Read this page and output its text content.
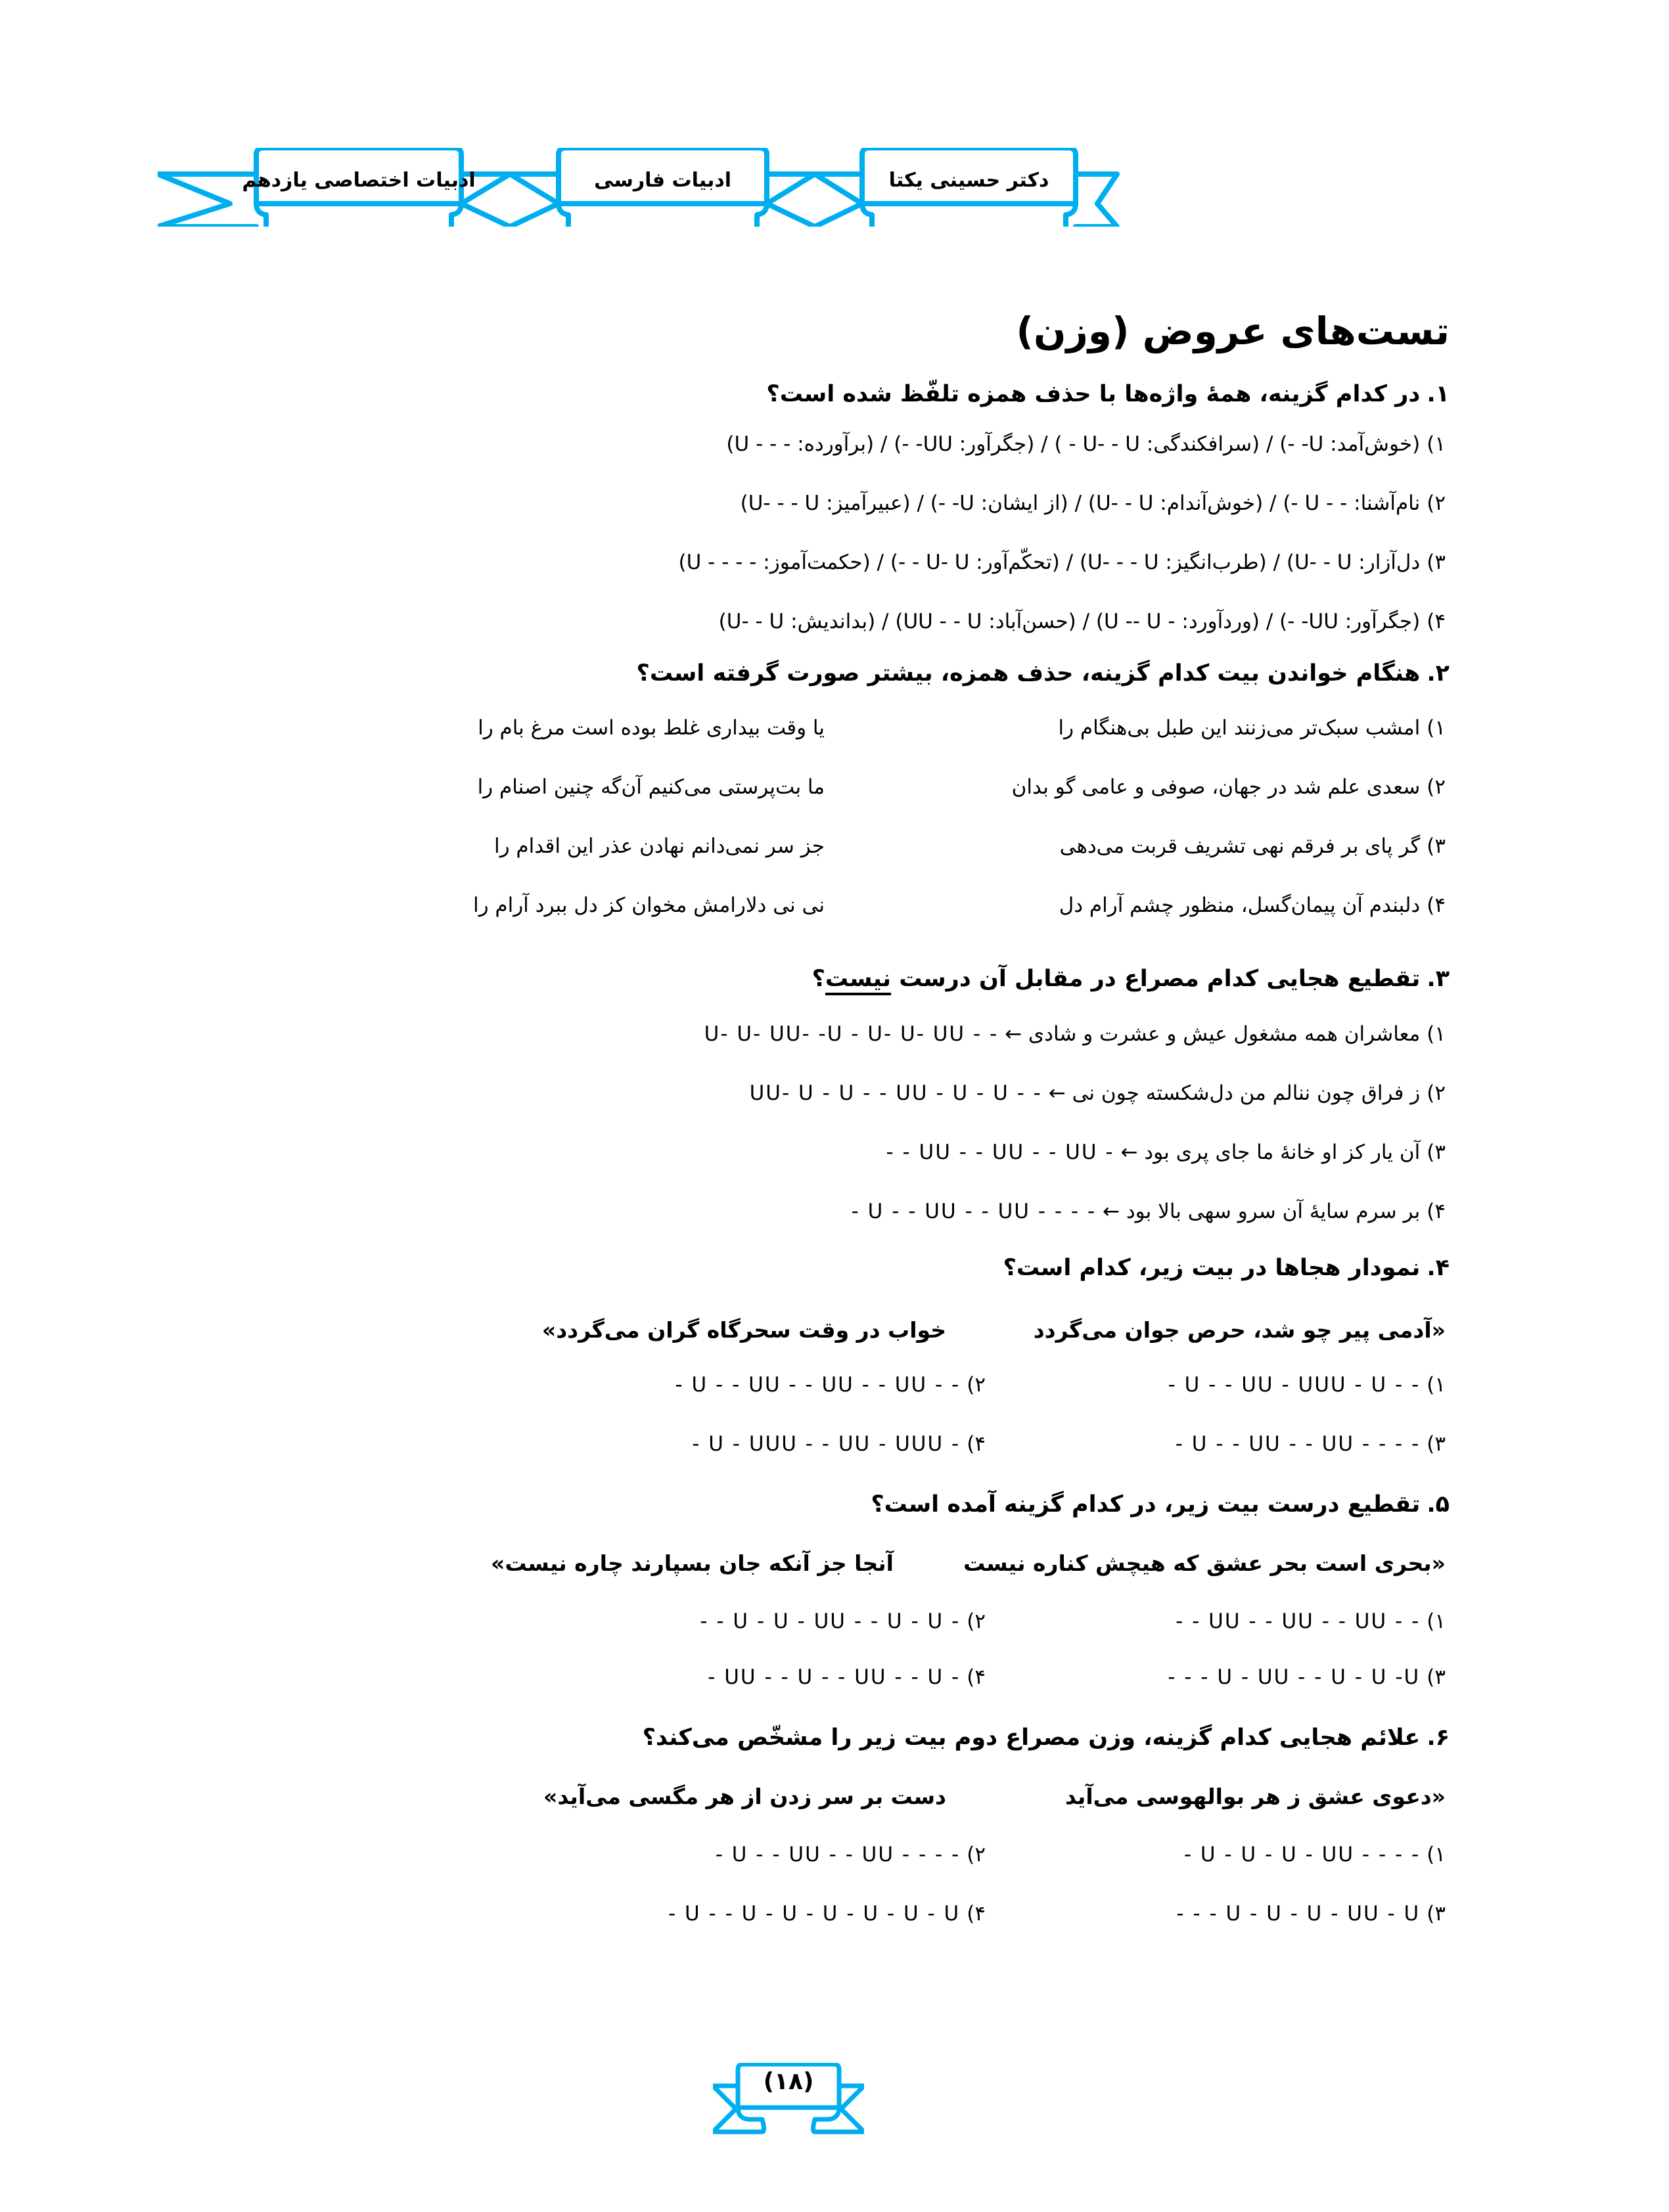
دکتر حسینی یکتا
ادبیات فارسی
ادبیات اختصاصی یازدهم
تست‌های عروض (وزن)
۱.در کدام گزینه، همهٔ واژه‌ها با حذف همزه تلفّظ شده است؟
۱)(خوش‌آمد: U- -) / (سرافکندگی: U- - U - ) / (جگرآور: UU- -) / (برآورده: - - - U)
۲)نام‌آشنا: - - U -) / (خوش‌آندام: U- - U) / (از ایشان: U- -) / (عبیرآمیز: U- - - U)
۳)دل‌آزار: U- - U) / (طرب‌انگیز: U- - - U) / (تحکّم‌آور: U- U - -) / (حکمت‌آموز: - - - - U)
۴)(جگرآور: UU- -) / (وردآورد: - U -- U) / (حسن‌آباد: UU - - U) / (بداندیش: U- - U)
۲.هنگام خواندن بیت کدام گزینه، حذف همزه، بیشتر صورت گرفته است؟
۱)امشب سبک‌تر می‌زنند این طبل بی‌هنگام را
یا وقت بیداری غلط بوده است مرغ بام را
۲)سعدی علم شد در جهان، صوفی و عامی گو بدان
ما بت‌پرستی می‌کنیم آن‌گه چنین اصنام را
۳)گر پای بر فرقم نهی تشریف قربت می‌دهی
جز سر نمی‌دانم نهادن عذر این اقدام را
۴)دلبندم آن پیمان‌گسل، منظور چشم آرام دل
نی نی دلارامش مخوان کز دل ببرد آرام را
۳.تقطیع هجایی کدام مصراع در مقابل آن درست نیست؟
۱)معاشران همه مشغول عیش و عشرت و شادی ← U- U- UU- -U - U- U- UU - -
۲)ز فراق چون ننالم من دل‌شکسته چون نی ← UU- U - U - - UU - U - U - -
۳)آن یار کز او خانهٔ ما جای پری بود ← - - UU - - UU - - UU -
۴)بر سرم سایهٔ آن سرو سهی بالا بود ← - U - - UU - - UU - - - -
۴.نمودار هجاها در بیت زیر، کدام است؟
«آدمی پیر چو شد، حرص جوان می‌گردد
خواب در وقت سحرگاه گران می‌گردد»
۱)- U - - UU - UUU - U - -
۲)- U - - UU - - UU - - UU - -
۳)- U - - UU - - UU - - - -
۴)- U - UUU - - UU - UUU -
۵.تقطیع درست بیت زیر، در کدام گزینه آمده است؟
«بحری است بحر عشق که هیچش کناره نیست
آنجا جز آنکه جان بسپارند چاره نیست»
۱)- - UU - - UU - - UU - -
۲)- - U - U - UU - - U - U -
۳)- - - U - UU - - U - U -U
۴)- UU - - U - - UU - - U -
۶.علائم هجایی کدام گزینه، وزن مصراع دوم بیت زیر را مشخّص می‌کند؟
«دعوی عشق ز هر بوالهوسی می‌آید
دست بر سر زدن از هر مگسی می‌آید»
۱)- U - U - U - UU - - - -
۲)- U - - UU - - UU - - - -
۳)- - - U - U - U - UU - U
۴)- U - - U - U - U - U - U - U
(۱۸)
